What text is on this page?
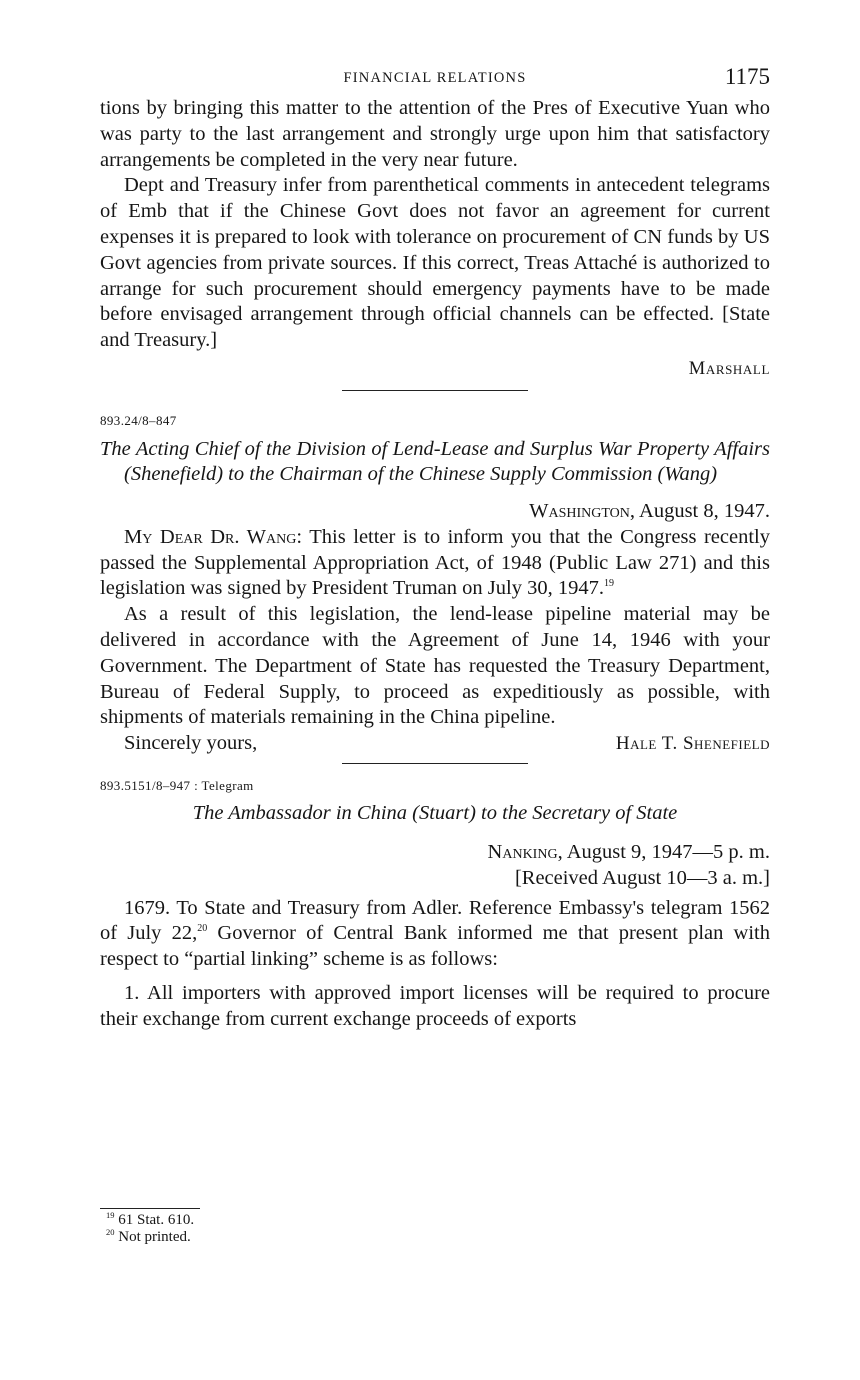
FINANCIAL RELATIONS	1175

tions by bringing this matter to the attention of the Pres of Executive Yuan who was party to the last arrangement and strongly urge upon him that satisfactory arrangements be completed in the very near future.

Dept and Treasury infer from parenthetical comments in antecedent telegrams of Emb that if the Chinese Govt does not favor an agreement for current expenses it is prepared to look with tolerance on procurement of CN funds by US Govt agencies from private sources. If this correct, Treas Attaché is authorized to arrange for such procurement should emergency payments have to be made before envisaged arrangement through official channels can be effected. [State and Treasury.]

Marshall
893.24/8–847

The Acting Chief of the Division of Lend-Lease and Surplus War Property Affairs (Shenefield) to the Chairman of the Chinese Supply Commission (Wang)

Washington, August 8, 1947.

My Dear Dr. Wang: This letter is to inform you that the Congress recently passed the Supplemental Appropriation Act, of 1948 (Public Law 271) and this legislation was signed by President Truman on July 30, 1947.19

As a result of this legislation, the lend-lease pipeline material may be delivered in accordance with the Agreement of June 14, 1946 with your Government. The Department of State has requested the Treasury Department, Bureau of Federal Supply, to proceed as expeditiously as possible, with shipments of materials remaining in the China pipeline.

Sincerely yours,	Hale T. Shenefield
893.5151/8–947 : Telegram

The Ambassador in China (Stuart) to the Secretary of State

Nanking, August 9, 1947—5 p. m.
[Received August 10—3 a. m.]

1679. To State and Treasury from Adler. Reference Embassy's telegram 1562 of July 22,20 Governor of Central Bank informed me that present plan with respect to “partial linking” scheme is as follows:

1. All importers with approved import licenses will be required to procure their exchange from current exchange proceeds of exports

$^{19}$ 61 Stat. 610.
$^{20}$ Not printed.
